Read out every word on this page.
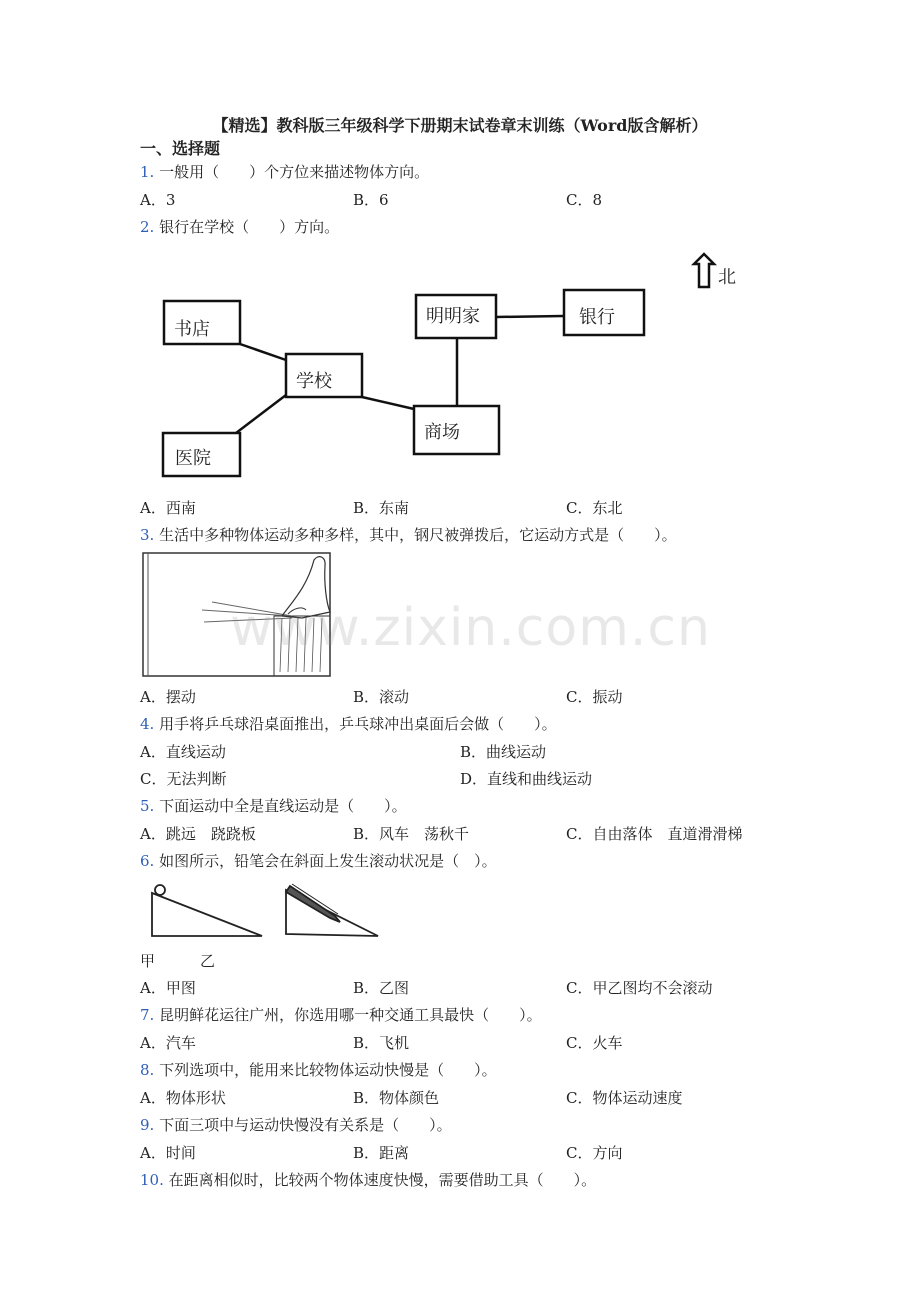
【精选】教科版三年级科学下册期末试卷章末训练（Word版含解析）
一、选择题
1. 一般用（　　）个方位来描述物体方向。
A．3	B．6	C．8
2. 银行在学校（　　）方向。
北
书店
学校
医院
明明家	银行
商场
A．西南	B．东南	C．东北
3. 生活中多种物体运动多种多样，其中，钢尺被弹拨后，它运动方式是（　　）。
www.zixin.com.cn
A．摆动	B．滚动	C．振动
4. 用手将乒乓球沿桌面推出，乒乓球冲出桌面后会做（　　）。
A．直线运动	B．曲线运动
C．无法判断	D．直线和曲线运动
5. 下面运动中全是直线运动是（　　）。
A．跳远　跷跷板	B．风车　荡秋千	C．自由落体　直道滑滑梯
6. 如图所示，铅笔会在斜面上发生滚动状况是（　）。
甲　　　乙
A．甲图	B．乙图	C．甲乙图均不会滚动
7. 昆明鲜花运往广州，你选用哪一种交通工具最快（　　）。
A．汽车	B．飞机	C．火车
8. 下列选项中，能用来比较物体运动快慢是（　　）。
A．物体形状	B．物体颜色	C．物体运动速度
9. 下面三项中与运动快慢没有关系是（　　）。
A．时间	B．距离	C．方向
10. 在距离相似时，比较两个物体速度快慢，需要借助工具（　　）。
